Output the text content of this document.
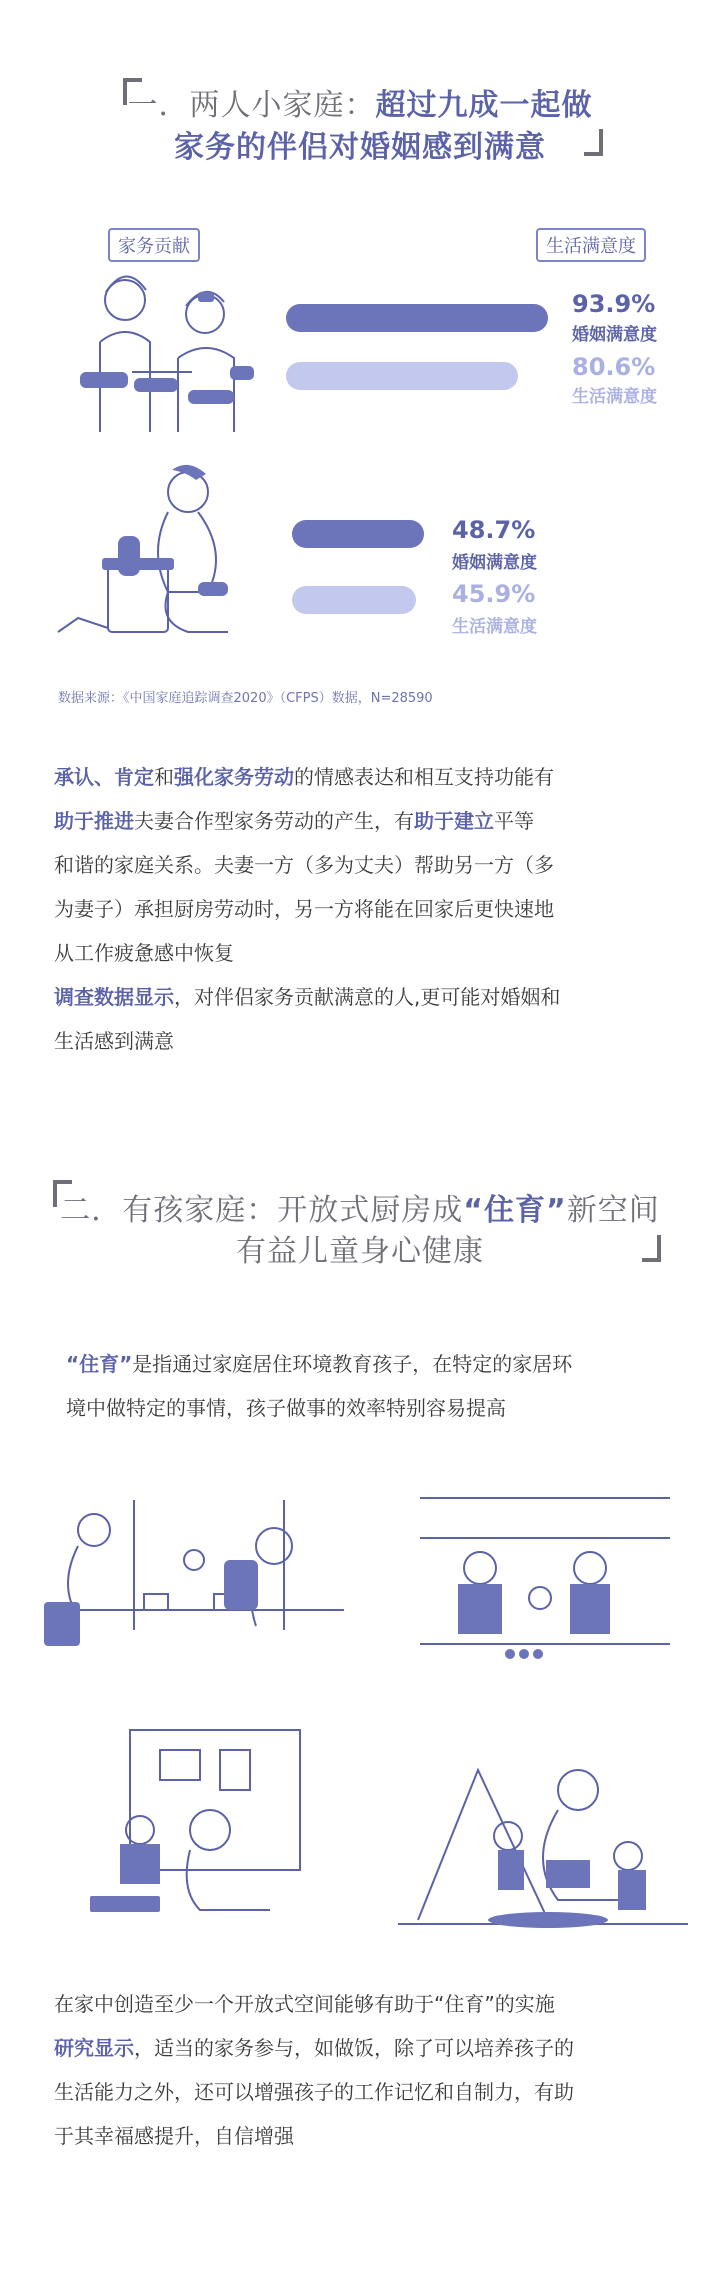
一．两人小家庭：超过九成一起做
家务的伴侣对婚姻感到满意
家务贡献	生活满意度
93.9%
婚姻满意度
80.6%
生活满意度
48.7%
婚姻满意度
45.9%
生活满意度
数据来源：《中国家庭追踪调查2020》（CFPS）数据，N=28590
承认、肯定和强化家务劳动的情感表达和相互支持功能有
助于推进夫妻合作型家务劳动的产生，有助于建立平等
和谐的家庭关系。夫妻一方（多为丈夫）帮助另一方（多
为妻子）承担厨房劳动时，另一方将能在回家后更快速地
从工作疲惫感中恢复
调查数据显示，对伴侣家务贡献满意的人,更可能对婚姻和
生活感到满意
二．有孩家庭：开放式厨房成“住育”新空间
有益儿童身心健康
“住育”是指通过家庭居住环境教育孩子，在特定的家居环
境中做特定的事情，孩子做事的效率特别容易提高
在家中创造至少一个开放式空间能够有助于“住育”的实施
研究显示，适当的家务参与，如做饭，除了可以培养孩子的
生活能力之外，还可以增强孩子的工作记忆和自制力，有助
于其幸福感提升，自信增强
